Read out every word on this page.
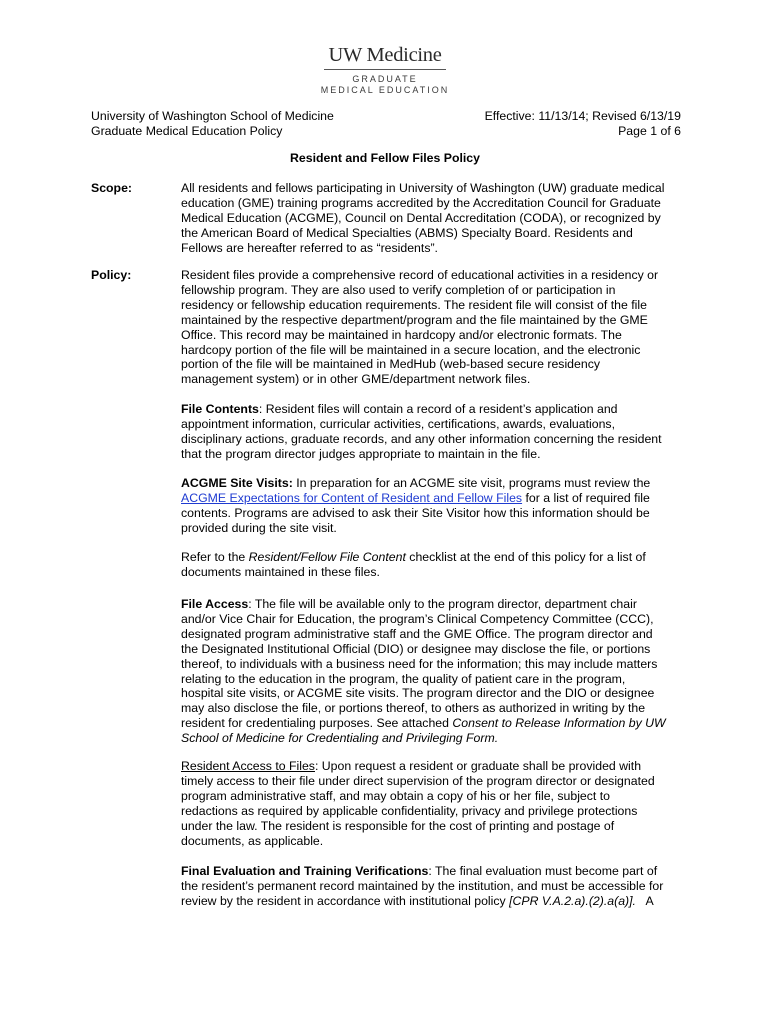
UW Medicine
GRADUATE
MEDICAL EDUCATION
University of Washington School of Medicine
Graduate Medical Education Policy
Effective: 11/13/14; Revised 6/13/19
Page 1 of 6
Resident and Fellow Files Policy
Scope:	All residents and fellows participating in University of Washington (UW) graduate medical
education (GME) training programs accredited by the Accreditation Council for Graduate
Medical Education (ACGME), Council on Dental Accreditation (CODA), or recognized by
the American Board of Medical Specialties (ABMS) Specialty Board. Residents and
Fellows are hereafter referred to as “residents”.
Policy:	Resident files provide a comprehensive record of educational activities in a residency or
fellowship program. They are also used to verify completion of or participation in
residency or fellowship education requirements. The resident file will consist of the file
maintained by the respective department/program and the file maintained by the GME
Office. This record may be maintained in hardcopy and/or electronic formats. The
hardcopy portion of the file will be maintained in a secure location, and the electronic
portion of the file will be maintained in MedHub (web-based secure residency
management system) or in other GME/department network files.
File Contents: Resident files will contain a record of a resident’s application and
appointment information, curricular activities, certifications, awards, evaluations,
disciplinary actions, graduate records, and any other information concerning the resident
that the program director judges appropriate to maintain in the file.
ACGME Site Visits: In preparation for an ACGME site visit, programs must review the
ACGME Expectations for Content of Resident and Fellow Files for a list of required file
contents. Programs are advised to ask their Site Visitor how this information should be
provided during the site visit.
Refer to the Resident/Fellow File Content checklist at the end of this policy for a list of
documents maintained in these files.
File Access: The file will be available only to the program director, department chair
and/or Vice Chair for Education, the program’s Clinical Competency Committee (CCC),
designated program administrative staff and the GME Office. The program director and
the Designated Institutional Official (DIO) or designee may disclose the file, or portions
thereof, to individuals with a business need for the information; this may include matters
relating to the education in the program, the quality of patient care in the program,
hospital site visits, or ACGME site visits. The program director and the DIO or designee
may also disclose the file, or portions thereof, to others as authorized in writing by the
resident for credentialing purposes. See attached Consent to Release Information by UW
School of Medicine for Credentialing and Privileging Form.
Resident Access to Files: Upon request a resident or graduate shall be provided with
timely access to their file under direct supervision of the program director or designated
program administrative staff, and may obtain a copy of his or her file, subject to
redactions as required by applicable confidentiality, privacy and privilege protections
under the law. The resident is responsible for the cost of printing and postage of
documents, as applicable.
Final Evaluation and Training Verifications: The final evaluation must become part of
the resident’s permanent record maintained by the institution, and must be accessible for
review by the resident in accordance with institutional policy [CPR V.A.2.a).(2).a(a)].   A
